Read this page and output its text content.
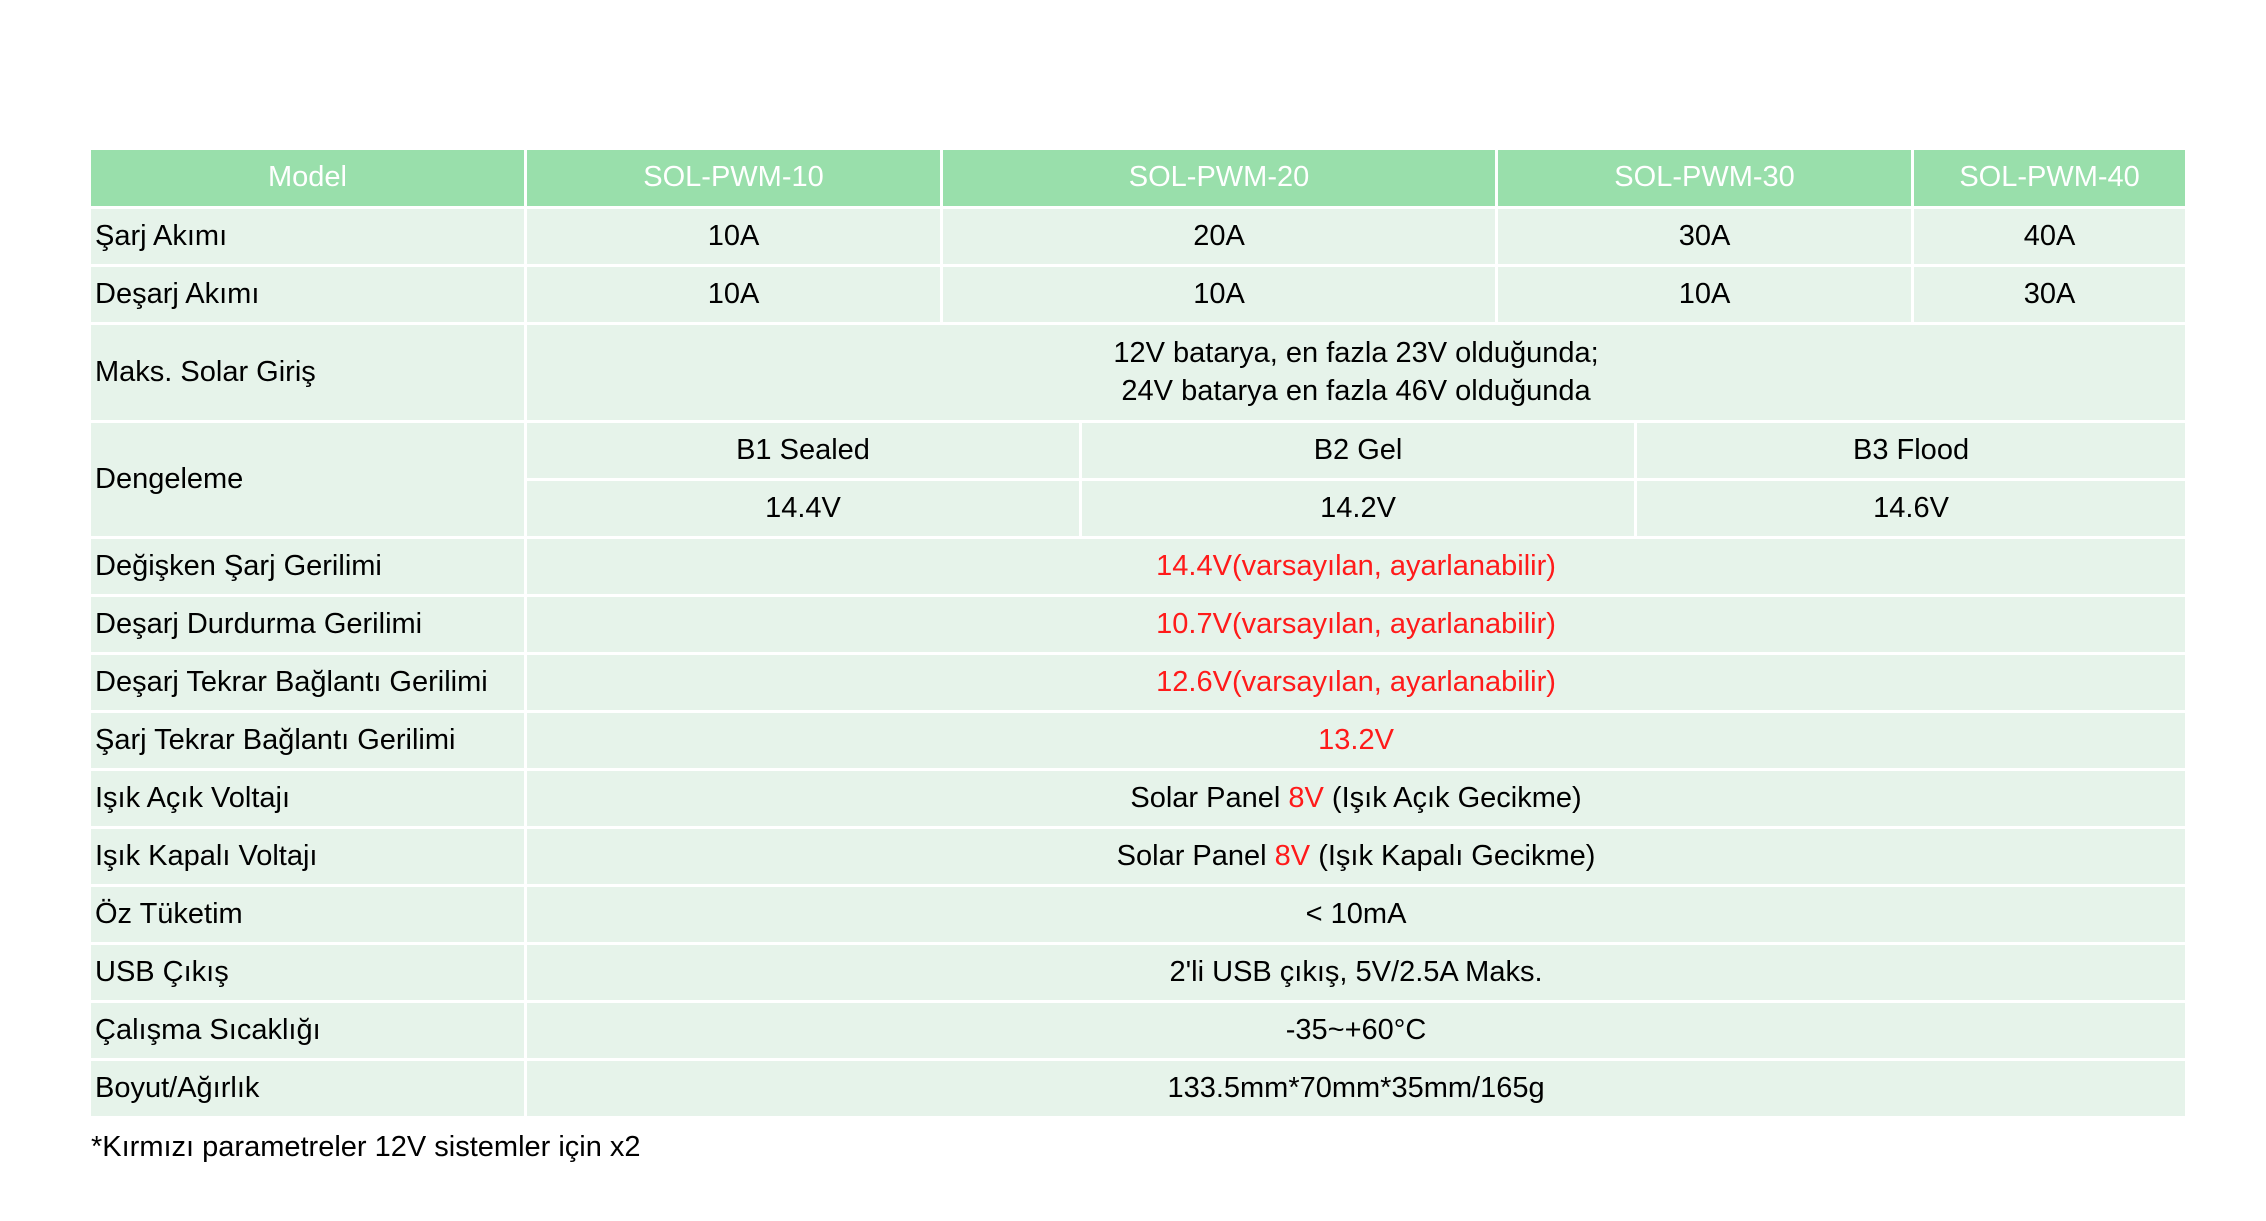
Model	SOL-PWM-10	SOL-PWM-20		SOL-PWM-30		SOL-PWM-40
Şarj Akımı	10A	20A		30A		40A
Deşarj Akımı	10A	10A		10A		30A
Maks. Solar Giriş	12V batarya, en fazla 23V olduğunda;
24V batarya en fazla 46V olduğunda					

Dengeleme	B1 Sealed		B2 Gel		B3 Flood	
	14.4V		14.2V		14.6V	
Değişken Şarj Gerilimi	14.4V(varsayılan, ayarlanabilir)					
Deşarj Durdurma Gerilimi	10.7V(varsayılan, ayarlanabilir)					
Deşarj Tekrar Bağlantı Gerilimi	12.6V(varsayılan, ayarlanabilir)					
Şarj Tekrar Bağlantı Gerilimi	13.2V					
Işık Açık Voltajı	Solar Panel 8V (Işık Açık Gecikme)					
Işık Kapalı Voltajı	Solar Panel 8V (Işık Kapalı Gecikme)					
Öz Tüketim	< 10mA					
USB Çıkış	2'li USB çıkış, 5V/2.5A Maks.					
Çalışma Sıcaklığı	-35~+60°C					
Boyut/Ağırlık	133.5mm*70mm*35mm/165g					
*Kırmızı parametreler 12V sistemler için x2
